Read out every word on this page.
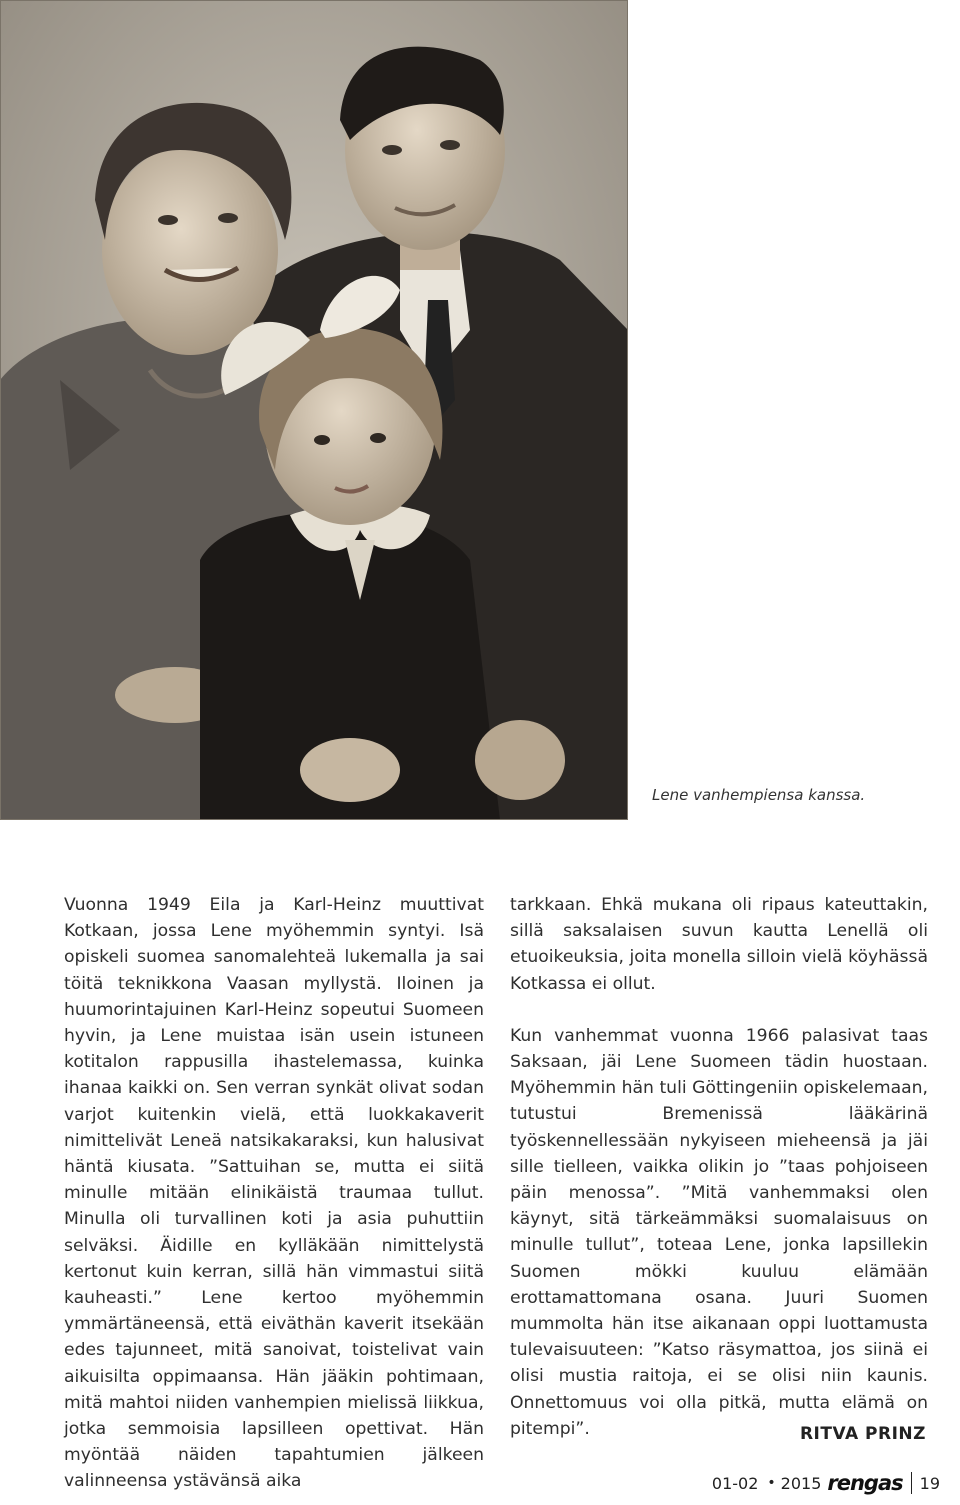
Lene vanhempiensa kanssa.

Vuonna 1949 Eila ja Karl-Heinz muuttivat Kotkaan, jossa Lene myöhemmin syntyi. Isä opiskeli suomea sanomalehteä lukemalla ja sai töitä teknikkona Vaasan myllystä. Iloinen ja huumorintajuinen Karl-Heinz sopeutui Suomeen hyvin, ja Lene muistaa isän usein istuneen kotitalon rappusilla ihastelemassa, kuinka ihanaa kaikki on. Sen verran synkät olivat sodan varjot kuitenkin vielä, että luokkakaverit nimittelivät Leneä natsikakaraksi, kun halusivat häntä kiusata. ”Sattuihan se, mutta ei siitä minulle mitään elinikäistä traumaa tullut. Minulla oli turvallinen koti ja asia puhuttiin selväksi. Äidille en kylläkään nimittelystä kertonut kuin kerran, sillä hän vimmastui siitä kauheasti.” Lene kertoo myöhemmin ymmärtäneensä, että eiväthän kaverit itsekään edes tajunneet, mitä sanoivat, toistelivat vain aikuisilta oppimaansa. Hän jääkin pohtimaan, mitä mahtoi niiden vanhempien mielissä liikkua, jotka semmoisia lapsilleen opettivat. Hän myöntää näiden tapahtumien jälkeen valinneensa ystävänsä aika

tarkkaan. Ehkä mukana oli ripaus kateuttakin, sillä saksalaisen suvun kautta Lenellä oli etuoikeuksia, joita monella silloin vielä köyhässä Kotkassa ei ollut.

Kun vanhemmat vuonna 1966 palasivat taas Saksaan, jäi Lene Suomeen tädin huostaan. Myöhemmin hän tuli Göttingeniin opiskelemaan, tutustui Bremenissä lääkärinä työskennellessään nykyiseen mieheensä ja jäi sille tielleen, vaikka olikin jo ”taas pohjoiseen päin menossa”. ”Mitä vanhemmaksi olen käynyt, sitä tärkeämmäksi suomalaisuus on minulle tullut”, toteaa Lene, jonka lapsillekin Suomen mökki kuuluu elämään erottamattomana osana. Juuri Suomen mummolta hän itse aikanaan oppi luottamusta tulevaisuuteen: ”Katso räsymattoa, jos siinä ei olisi mustia raitoja, ei se olisi niin kaunis. Onnettomuus voi olla pitkä, mutta elämä on pitempi”.	RITVA PRINZ
01-02 • 2015 rengas 19
